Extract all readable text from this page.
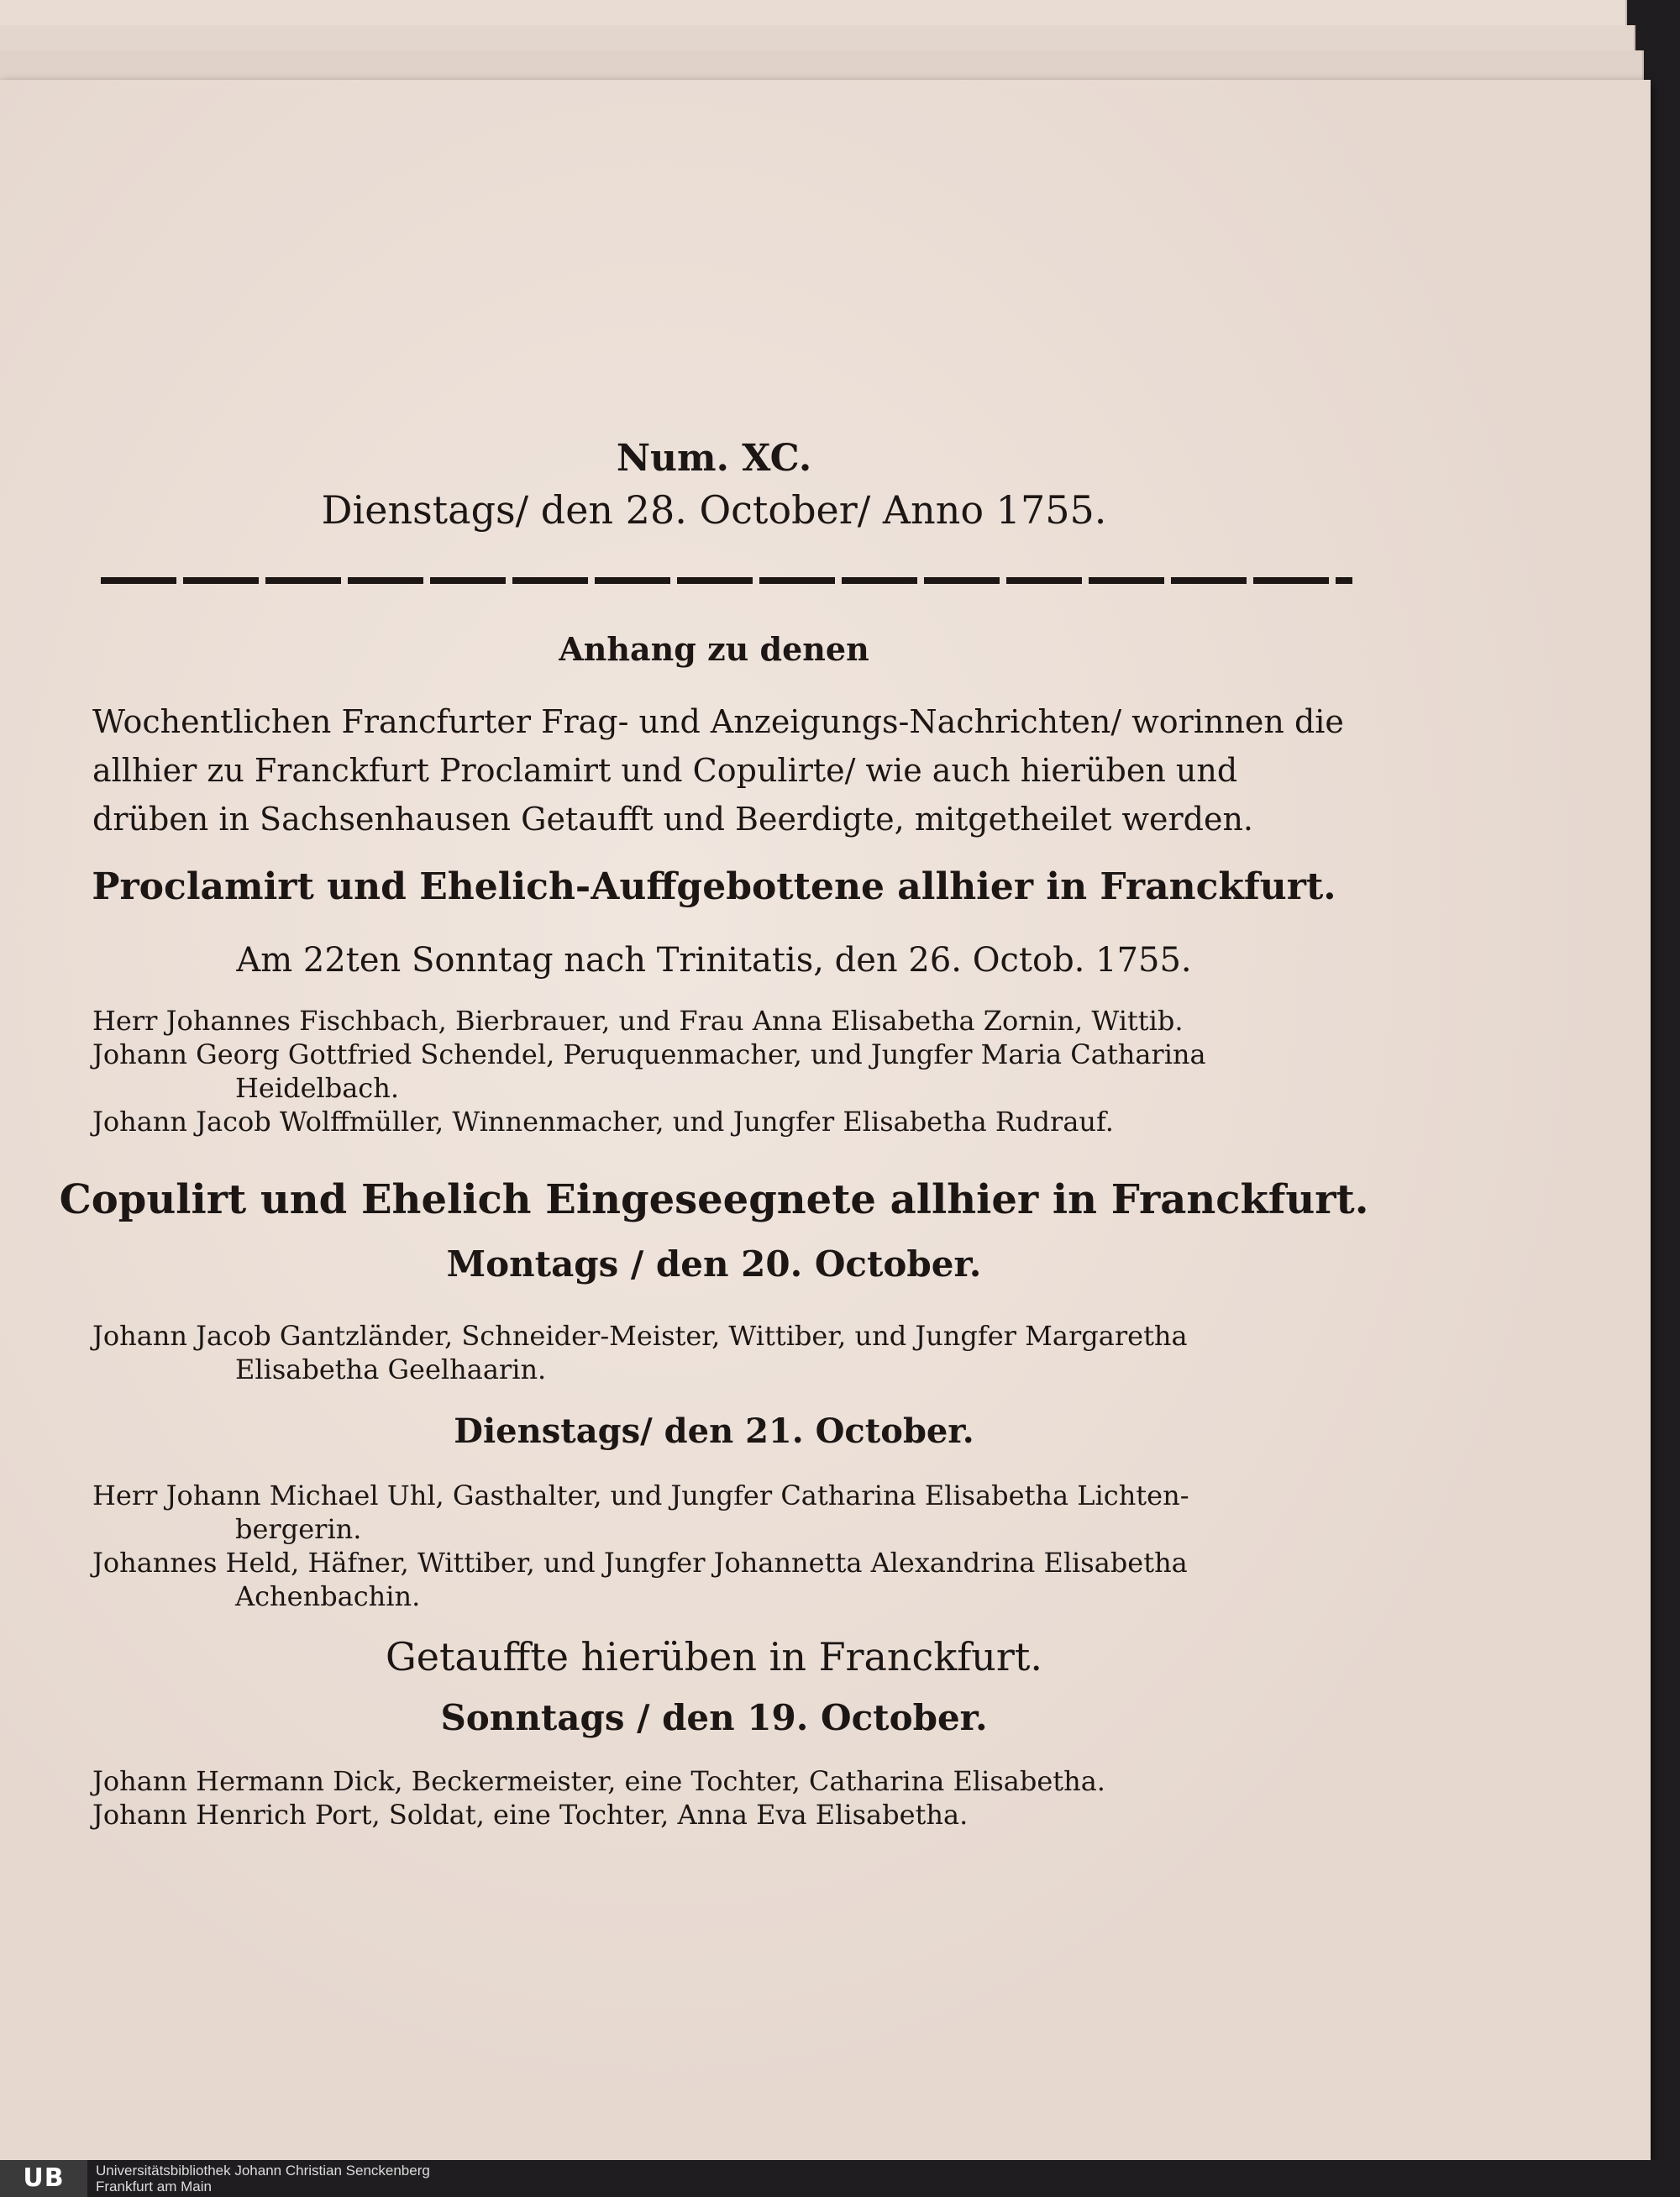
Num. XC.
Dienstags/ den 28. October/ Anno 1755.
Anhang zu denen
Wochentlichen Francfurter Frag- und Anzeigungs-Nachrichten/ worinnen die allhier zu Franckfurt Proclamirt und Copulirte/ wie auch hierüben und drüben in Sachsenhausen Getaufft und Beerdigte, mitgetheilet werden.
Proclamirt und Ehelich-Auffgebottene allhier in Franckfurt.
Am 22ten Sonntag nach Trinitatis, den 26. Octob. 1755.
Herr Johannes Fischbach, Bierbrauer, und Frau Anna Elisabetha Zornin, Wittib.
Johann Georg Gottfried Schendel, Peruquenmacher, und Jungfer Maria Catharina
Heidelbach.
Johann Jacob Wolffmüller, Winnenmacher, und Jungfer Elisabetha Rudrauf.
Copulirt und Ehelich Eingeseegnete allhier in Franckfurt.
Montags / den 20. October.
Johann Jacob Gantzländer, Schneider-Meister, Wittiber, und Jungfer Margaretha
Elisabetha Geelhaarin.
Dienstags/ den 21. October.
Herr Johann Michael Uhl, Gasthalter, und Jungfer Catharina Elisabetha Lichten-
bergerin.
Johannes Held, Häfner, Wittiber, und Jungfer Johannetta Alexandrina Elisabetha
Achenbachin.
Getauffte hierüben in Franckfurt.
Sonntags / den 19. October.
Johann Hermann Dick, Beckermeister, eine Tochter, Catharina Elisabetha.
Johann Henrich Port, Soldat, eine Tochter, Anna Eva Elisabetha.
UB	Universitätsbibliothek Johann Christian Senckenberg
Frankfurt am Main
